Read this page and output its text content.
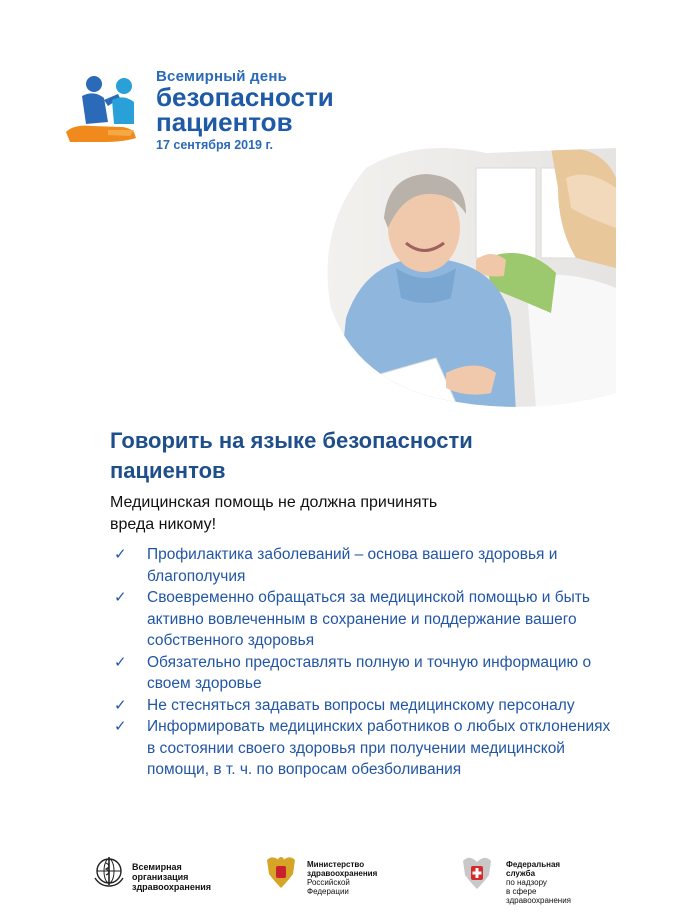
Всемирный день
безопасности
пациентов
17 сентября 2019 г.
Говорить на языке безопасности
пациентов
Медицинская помощь не должна причинять
вреда никому!
✓ Профилактика заболеваний – основа вашего здоровья и благополучия
✓ Своевременно обращаться за медицинской помощью и быть активно вовлеченным в сохранение и поддержание вашего собственного здоровья
✓ Обязательно предоставлять полную и точную информацию о своем здоровье
✓ Не стесняться задавать вопросы медицинскому персоналу
✓ Информировать медицинских работников о любых отклонениях в состоянии своего здоровья при получении медицинской помощи, в т. ч. по вопросам обезболивания
Всемирная организация
здравоохранения
Министерство
здравоохранения
Российской Федерации
Федеральная служба
по надзору
в сфере здравоохранения
